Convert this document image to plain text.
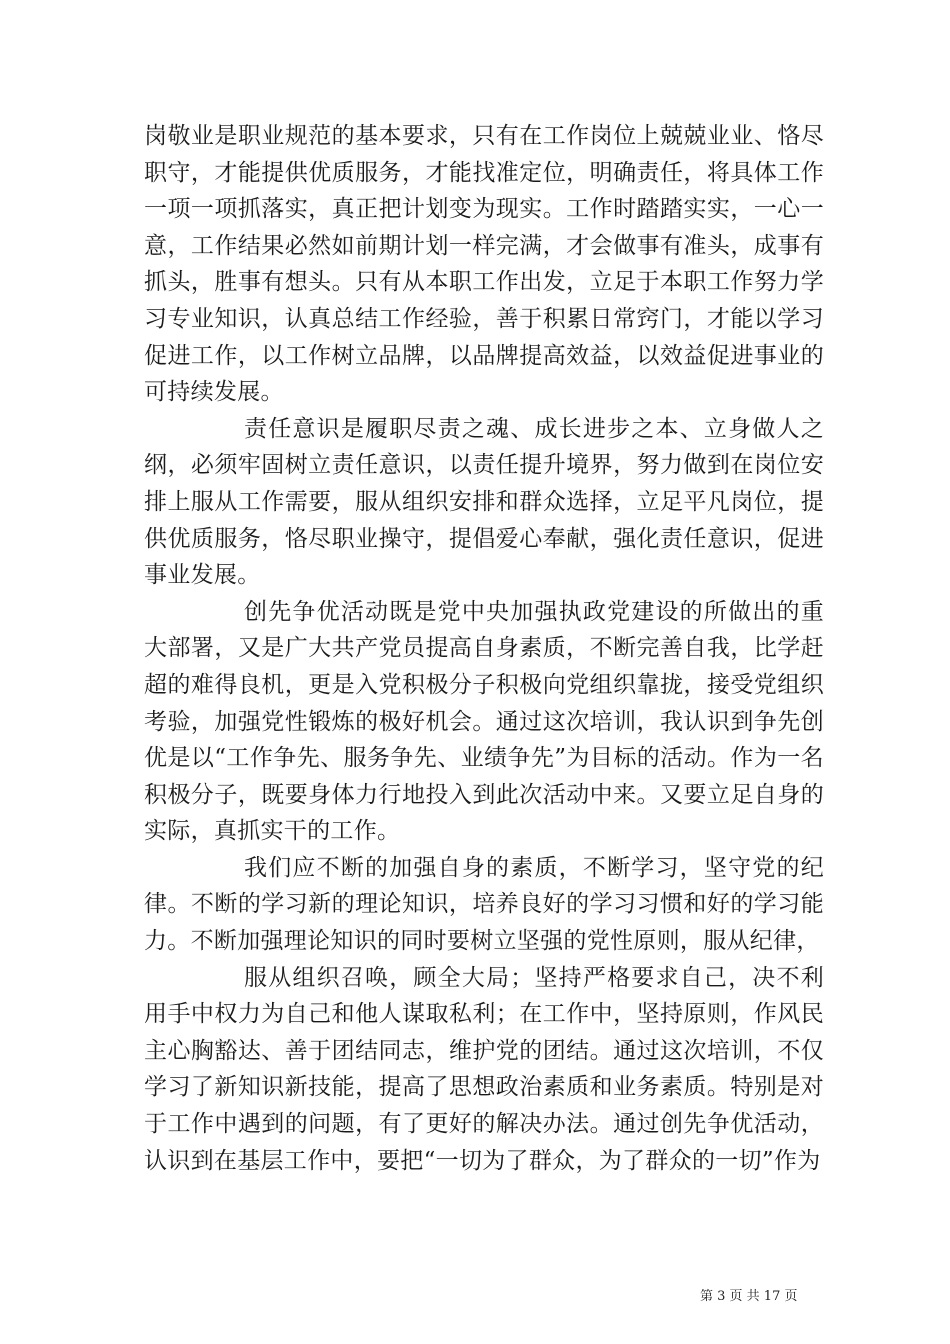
岗敬业是职业规范的基本要求，只有在工作岗位上兢兢业业、恪尽职守，才能提供优质服务，才能找准定位，明确责任，将具体工作一项一项抓落实，真正把计划变为现实。工作时踏踏实实，一心一意，工作结果必然如前期计划一样完满，才会做事有准头，成事有抓头，胜事有想头。只有从本职工作出发，立足于本职工作努力学习专业知识，认真总结工作经验，善于积累日常窍门，才能以学习促进工作，以工作树立品牌，以品牌提高效益，以效益促进事业的可持续发展。

责任意识是履职尽责之魂、成长进步之本、立身做人之纲，必须牢固树立责任意识，以责任提升境界，努力做到在岗位安排上服从工作需要，服从组织安排和群众选择，立足平凡岗位，提供优质服务，恪尽职业操守，提倡爱心奉献，强化责任意识，促进事业发展。

创先争优活动既是党中央加强执政党建设的所做出的重大部署，又是广大共产党员提高自身素质，不断完善自我，比学赶超的难得良机，更是入党积极分子积极向党组织靠拢，接受党组织考验，加强党性锻炼的极好机会。通过这次培训，我认识到争先创优是以“工作争先、服务争先、业绩争先”为目标的活动。作为一名积极分子，既要身体力行地投入到此次活动中来。又要立足自身的实际，真抓实干的工作。

我们应不断的加强自身的素质，不断学习，坚守党的纪律。不断的学习新的理论知识，培养良好的学习习惯和好的学习能力。不断加强理论知识的同时要树立坚强的党性原则，服从纪律，

服从组织召唤，顾全大局；坚持严格要求自己，决不利用手中权力为自己和他人谋取私利；在工作中，坚持原则，作风民主心胸豁达、善于团结同志，维护党的团结。通过这次培训，不仅学习了新知识新技能，提高了思想政治素质和业务素质。特别是对于工作中遇到的问题，有了更好的解决办法。通过创先争优活动，认识到在基层工作中，要把“一切为了群众，为了群众的一切”作为

第 3 页 共 17 页
